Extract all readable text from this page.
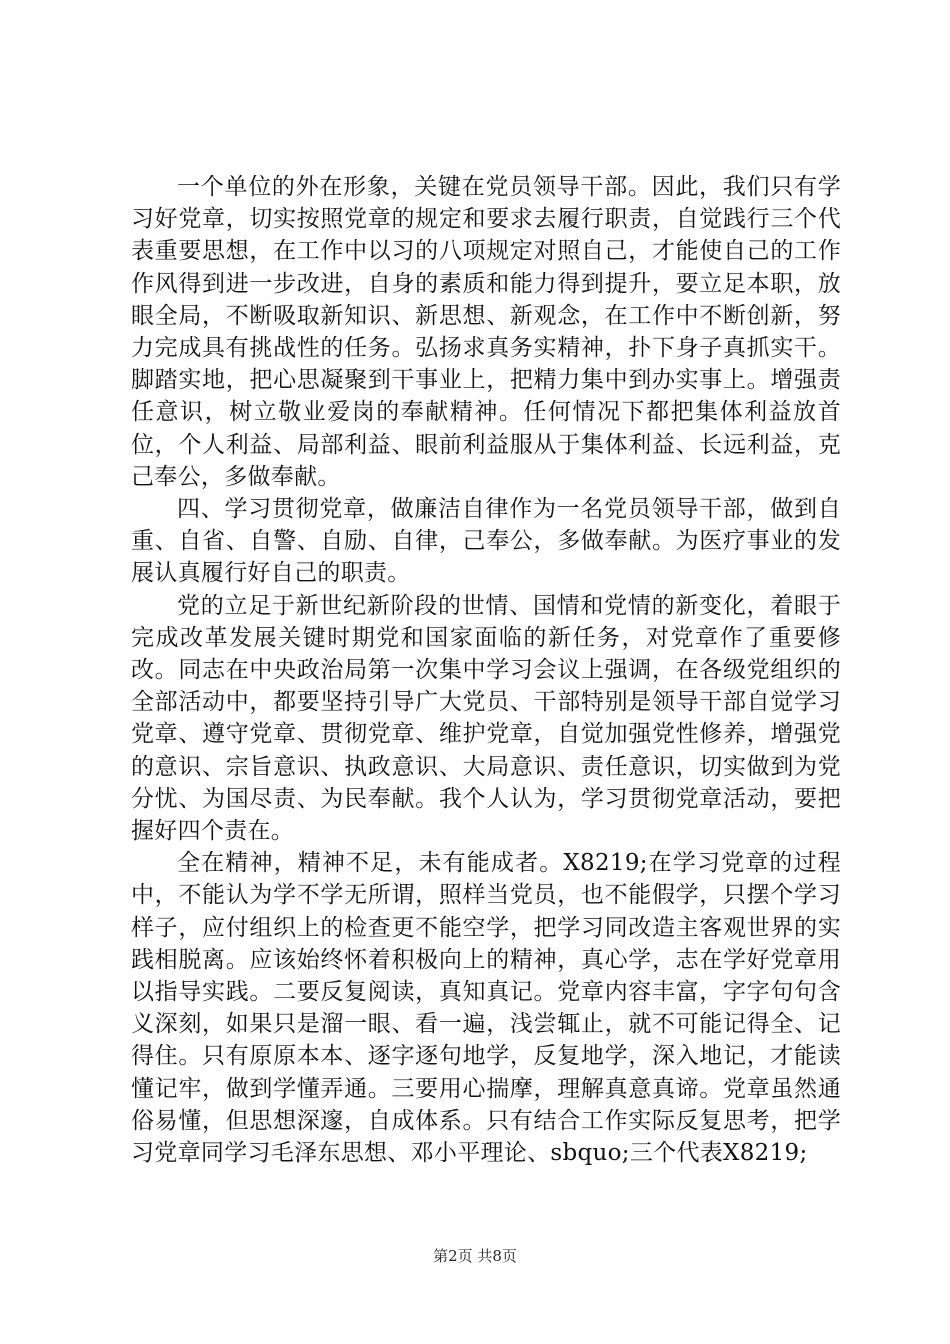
一个单位的外在形象，关键在党员领导干部。因此，我们只有学习好党章，切实按照党章的规定和要求去履行职责，自觉践行三个代表重要思想，在工作中以习的八项规定对照自己，才能使自己的工作作风得到进一步改进，自身的素质和能力得到提升，要立足本职，放眼全局，不断吸取新知识、新思想、新观念，在工作中不断创新，努力完成具有挑战性的任务。弘扬求真务实精神，扑下身子真抓实干。脚踏实地，把心思凝聚到干事业上，把精力集中到办实事上。增强责任意识，树立敬业爱岗的奉献精神。任何情况下都把集体利益放首位，个人利益、局部利益、眼前利益服从于集体利益、长远利益，克己奉公，多做奉献。

四、学习贯彻党章，做廉洁自律作为一名党员领导干部，做到自重、自省、自警、自励、自律，己奉公，多做奉献。为医疗事业的发展认真履行好自己的职责。

党的立足于新世纪新阶段的世情、国情和党情的新变化，着眼于完成改革发展关键时期党和国家面临的新任务，对党章作了重要修改。同志在中央政治局第一次集中学习会议上强调，在各级党组织的全部活动中，都要坚持引导广大党员、干部特别是领导干部自觉学习党章、遵守党章、贯彻党章、维护党章，自觉加强党性修养，增强党的意识、宗旨意识、执政意识、大局意识、责任意识，切实做到为党分忧、为国尽责、为民奉献。我个人认为，学习贯彻党章活动，要把握好四个责在。

全在精神，精神不足，未有能成者。X8219;在学习党章的过程中，不能认为学不学无所谓，照样当党员，也不能假学，只摆个学习样子，应付组织上的检查更不能空学，把学习同改造主客观世界的实践相脱离。应该始终怀着积极向上的精神，真心学，志在学好党章用以指导实践。二要反复阅读，真知真记。党章内容丰富，字字句句含义深刻，如果只是溜一眼、看一遍，浅尝辄止，就不可能记得全、记得住。只有原原本本、逐字逐句地学，反复地学，深入地记，才能读懂记牢，做到学懂弄通。三要用心揣摩，理解真意真谛。党章虽然通俗易懂，但思想深邃，自成体系。只有结合工作实际反复思考，把学习党章同学习毛泽东思想、邓小平理论、sbquo;三个代表X8219;

第2页 共8页
